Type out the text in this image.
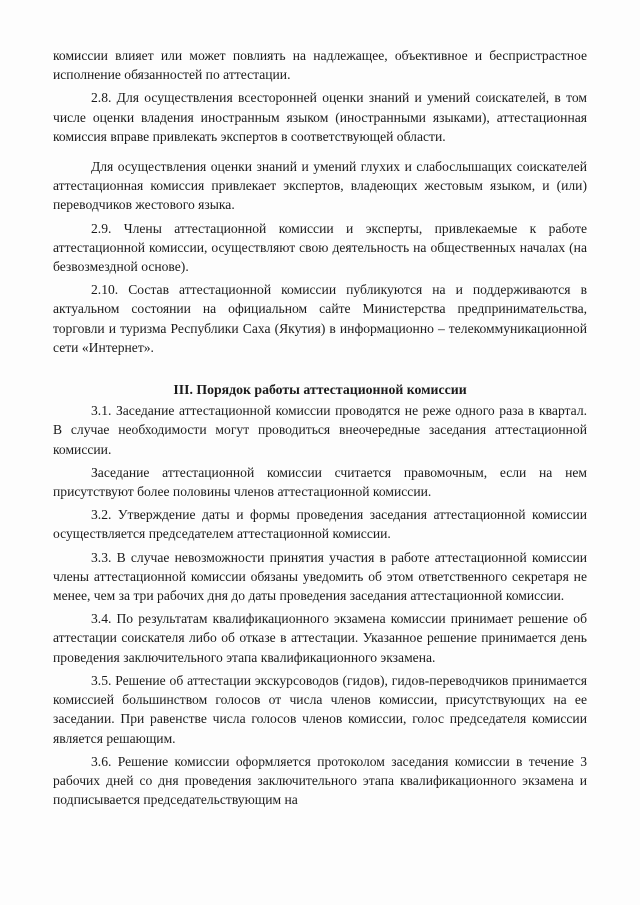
комиссии влияет или может повлиять на надлежащее, объективное и беспристрастное исполнение обязанностей по аттестации.

2.8. Для осуществления всесторонней оценки знаний и умений соискателей, в том числе оценки владения иностранным языком (иностранными языками), аттестационная комиссия вправе привлекать экспертов в соответствующей области.

Для осуществления оценки знаний и умений глухих и слабослышащих соискателей аттестационная комиссия привлекает экспертов, владеющих жестовым языком, и (или) переводчиков жестового языка.

2.9. Члены аттестационной комиссии и эксперты, привлекаемые к работе аттестационной комиссии, осуществляют свою деятельность на общественных началах (на безвозмездной основе).

2.10. Состав аттестационной комиссии публикуются на и поддерживаются в актуальном состоянии на официальном сайте Министерства предпринимательства, торговли и туризма Республики Саха (Якутия) в информационно – телекоммуникационной сети «Интернет».

III. Порядок работы аттестационной комиссии

3.1. Заседание аттестационной комиссии проводятся не реже одного раза в квартал. В случае необходимости могут проводиться внеочередные заседания аттестационной комиссии.

Заседание аттестационной комиссии считается правомочным, если на нем присутствуют более половины членов аттестационной комиссии.

3.2. Утверждение даты и формы проведения заседания аттестационной комиссии осуществляется председателем аттестационной комиссии.

3.3. В случае невозможности принятия участия в работе аттестационной комиссии члены аттестационной комиссии обязаны уведомить об этом ответственного секретаря не менее, чем за три рабочих дня до даты проведения заседания аттестационной комиссии.

3.4. По результатам квалификационного экзамена комиссии принимает решение об аттестации соискателя либо об отказе в аттестации. Указанное решение принимается день проведения заключительного этапа квалификационного экзамена.

3.5. Решение об аттестации экскурсоводов (гидов), гидов-переводчиков принимается комиссией большинством голосов от числа членов комиссии, присутствующих на ее заседании. При равенстве числа голосов членов комиссии, голос председателя комиссии является решающим.

3.6. Решение комиссии оформляется протоколом заседания комиссии в течение 3 рабочих дней со дня проведения заключительного этапа квалификационного экзамена и подписывается председательствующим на
